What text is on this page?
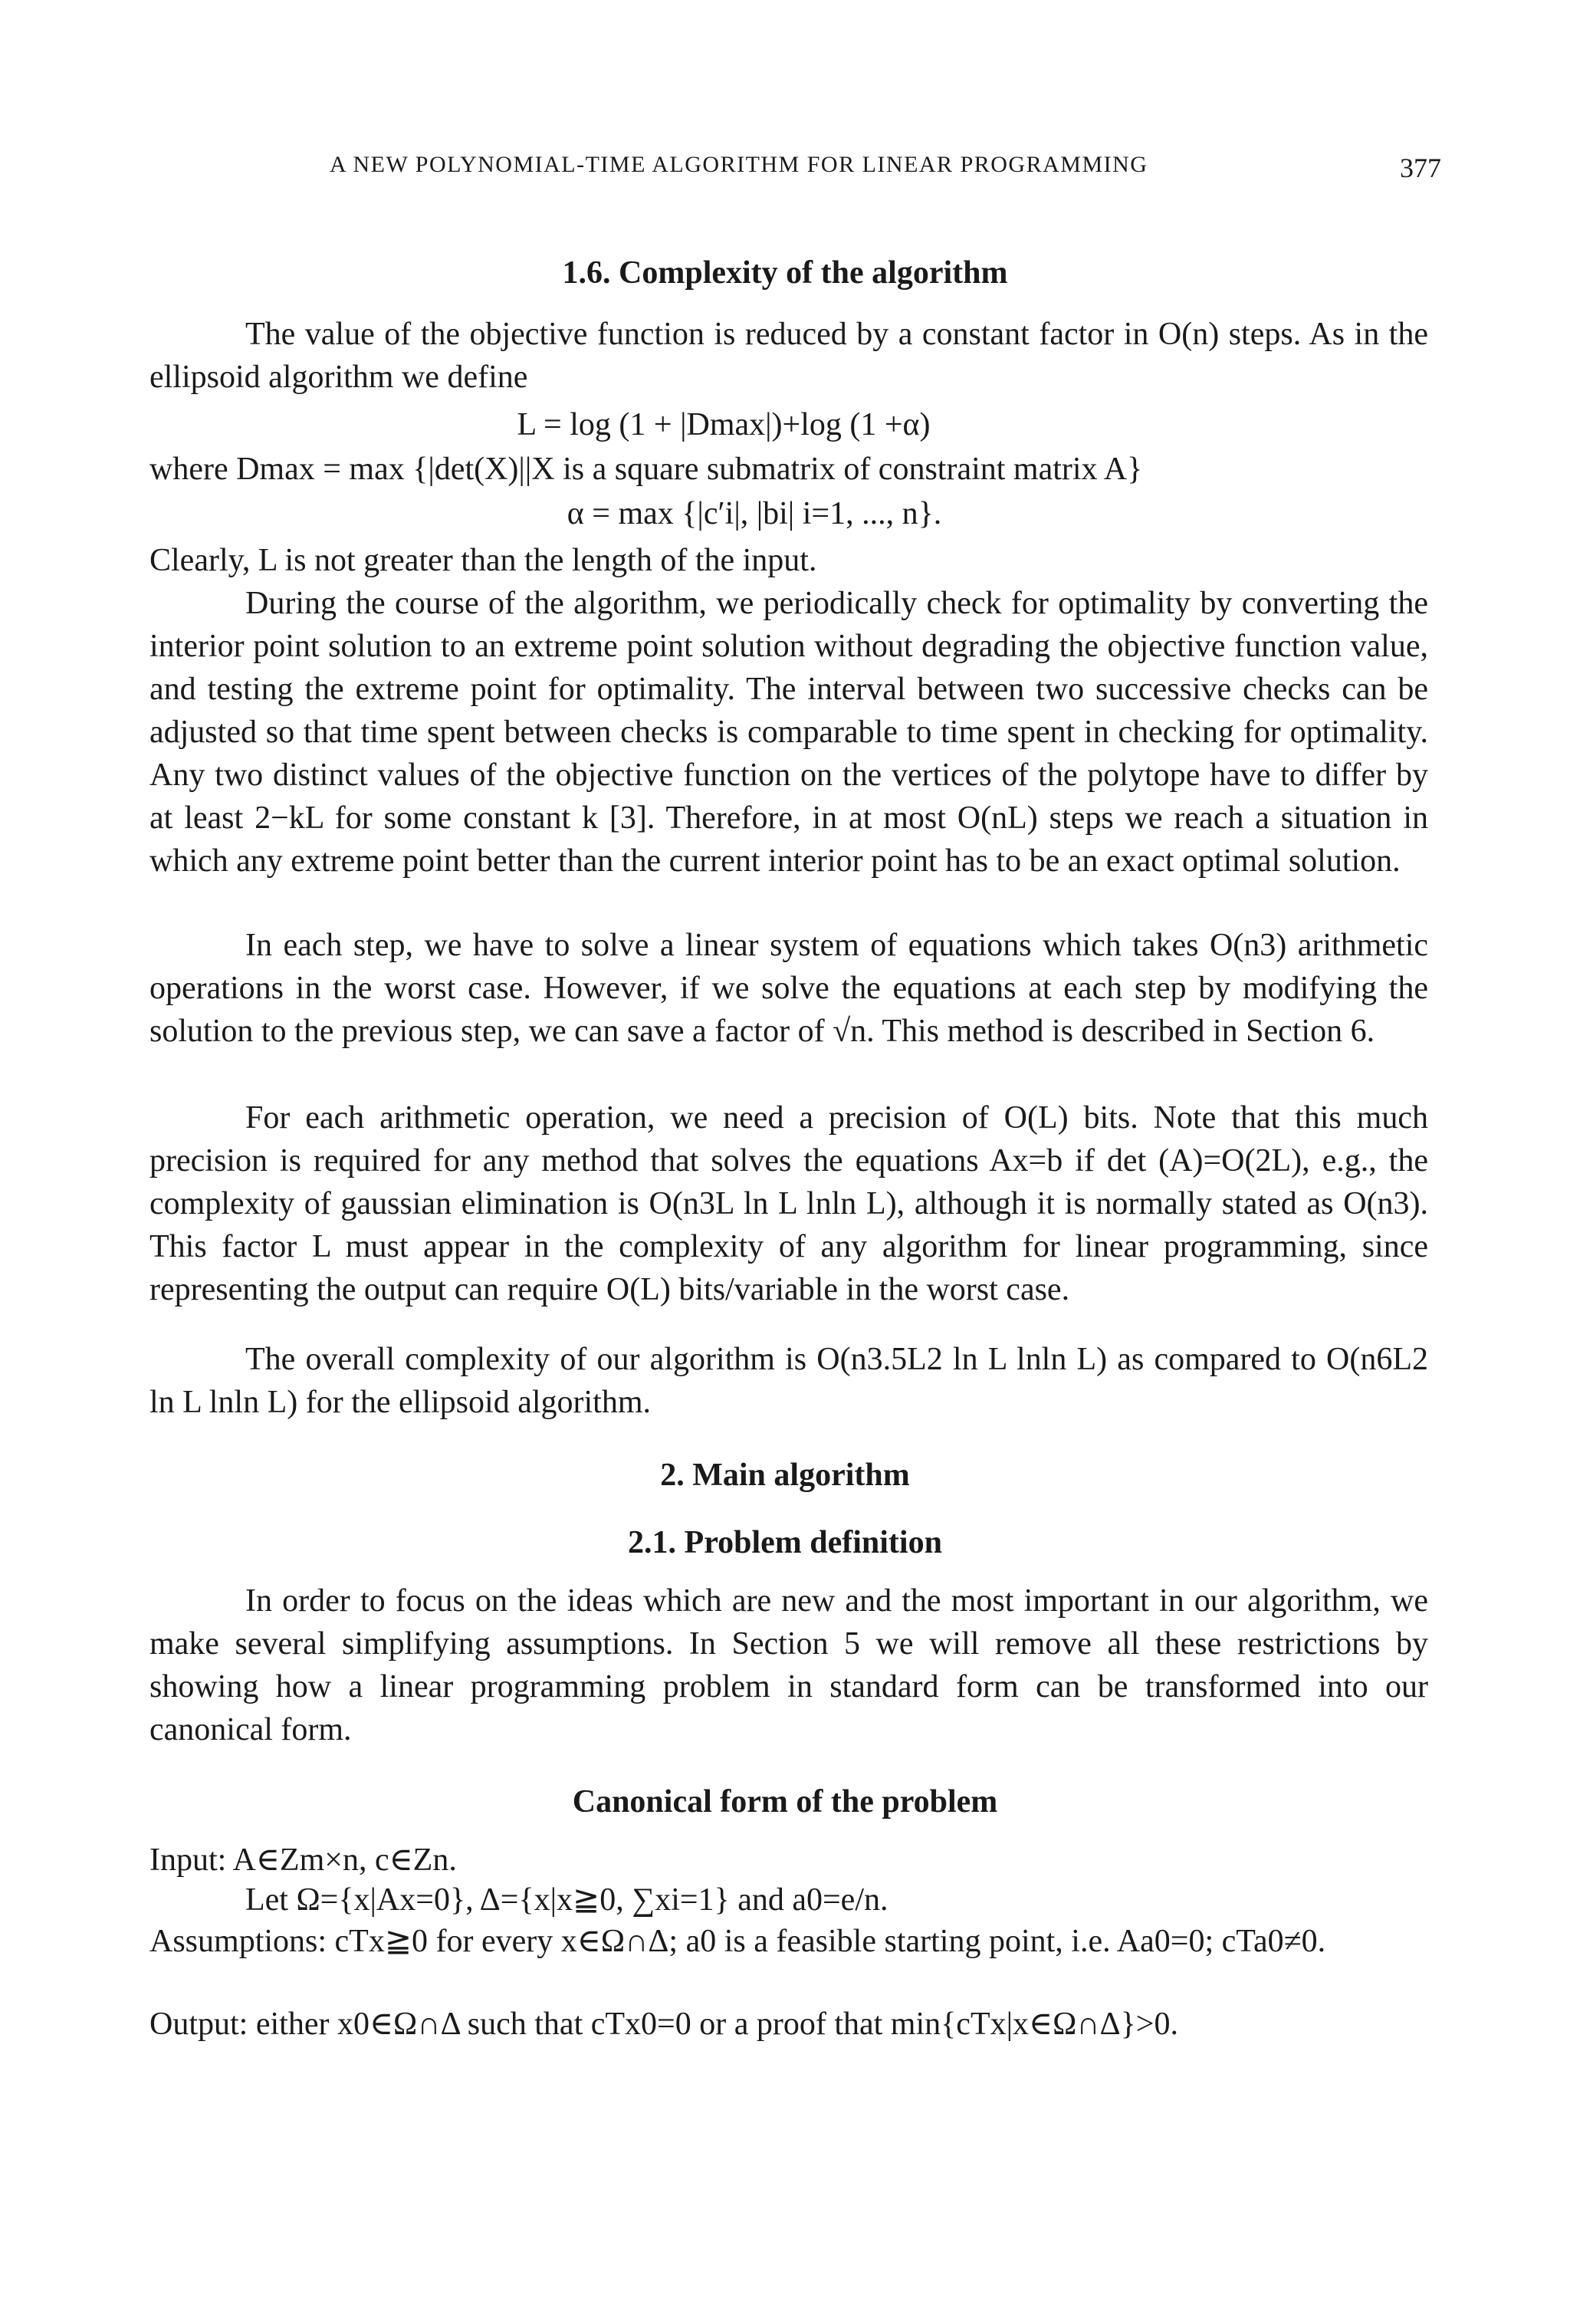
A NEW POLYNOMIAL-TIME ALGORITHM FOR LINEAR PROGRAMMING	377
1.6. Complexity of the algorithm

The value of the objective function is reduced by a constant factor in O(n) steps. As in the ellipsoid algorithm we define

L = log (1 + |Dmax|)+log (1 +α)
where Dmax = max {|det(X)||X is a square submatrix of constraint matrix A}
α = max {|c′i|, |bi| i=1, ..., n}.

Clearly, L is not greater than the length of the input.

During the course of the algorithm, we periodically check for optimality by converting the interior point solution to an extreme point solution without degrading the objective function value, and testing the extreme point for optimality. The interval between two successive checks can be adjusted so that time spent between checks is comparable to time spent in checking for optimality. Any two distinct values of the objective function on the vertices of the polytope have to differ by at least 2−kL for some constant k [3]. Therefore, in at most O(nL) steps we reach a situation in which any extreme point better than the current interior point has to be an exact optimal solution.

In each step, we have to solve a linear system of equations which takes O(n3) arithmetic operations in the worst case. However, if we solve the equations at each step by modifying the solution to the previous step, we can save a factor of √n. This method is described in Section 6.

For each arithmetic operation, we need a precision of O(L) bits. Note that this much precision is required for any method that solves the equations Ax=b if det (A)=O(2L), e.g., the complexity of gaussian elimination is O(n3L ln L lnln L), although it is normally stated as O(n3). This factor L must appear in the complexity of any algorithm for linear programming, since representing the output can require O(L) bits/variable in the worst case.

The overall complexity of our algorithm is O(n3.5L2 ln L lnln L) as compared to O(n6L2 ln L lnln L) for the ellipsoid algorithm.

2. Main algorithm
2.1. Problem definition

In order to focus on the ideas which are new and the most important in our algorithm, we make several simplifying assumptions. In Section 5 we will remove all these restrictions by showing how a linear programming problem in standard form can be transformed into our canonical form.

Canonical form of the problem
Input: A∈Zm×n, c∈Zn.
Let Ω={x|Ax=0}, Δ={x|x≧0, ∑xi=1} and a0=e/n.

Assumptions: cTx≧0 for every x∈Ω∩Δ; a0 is a feasible starting point, i.e. Aa0=0; cTa0≠0.

Output: either x0∈Ω∩Δ such that cTx0=0 or a proof that min{cTx|x∈Ω∩Δ}>0.
